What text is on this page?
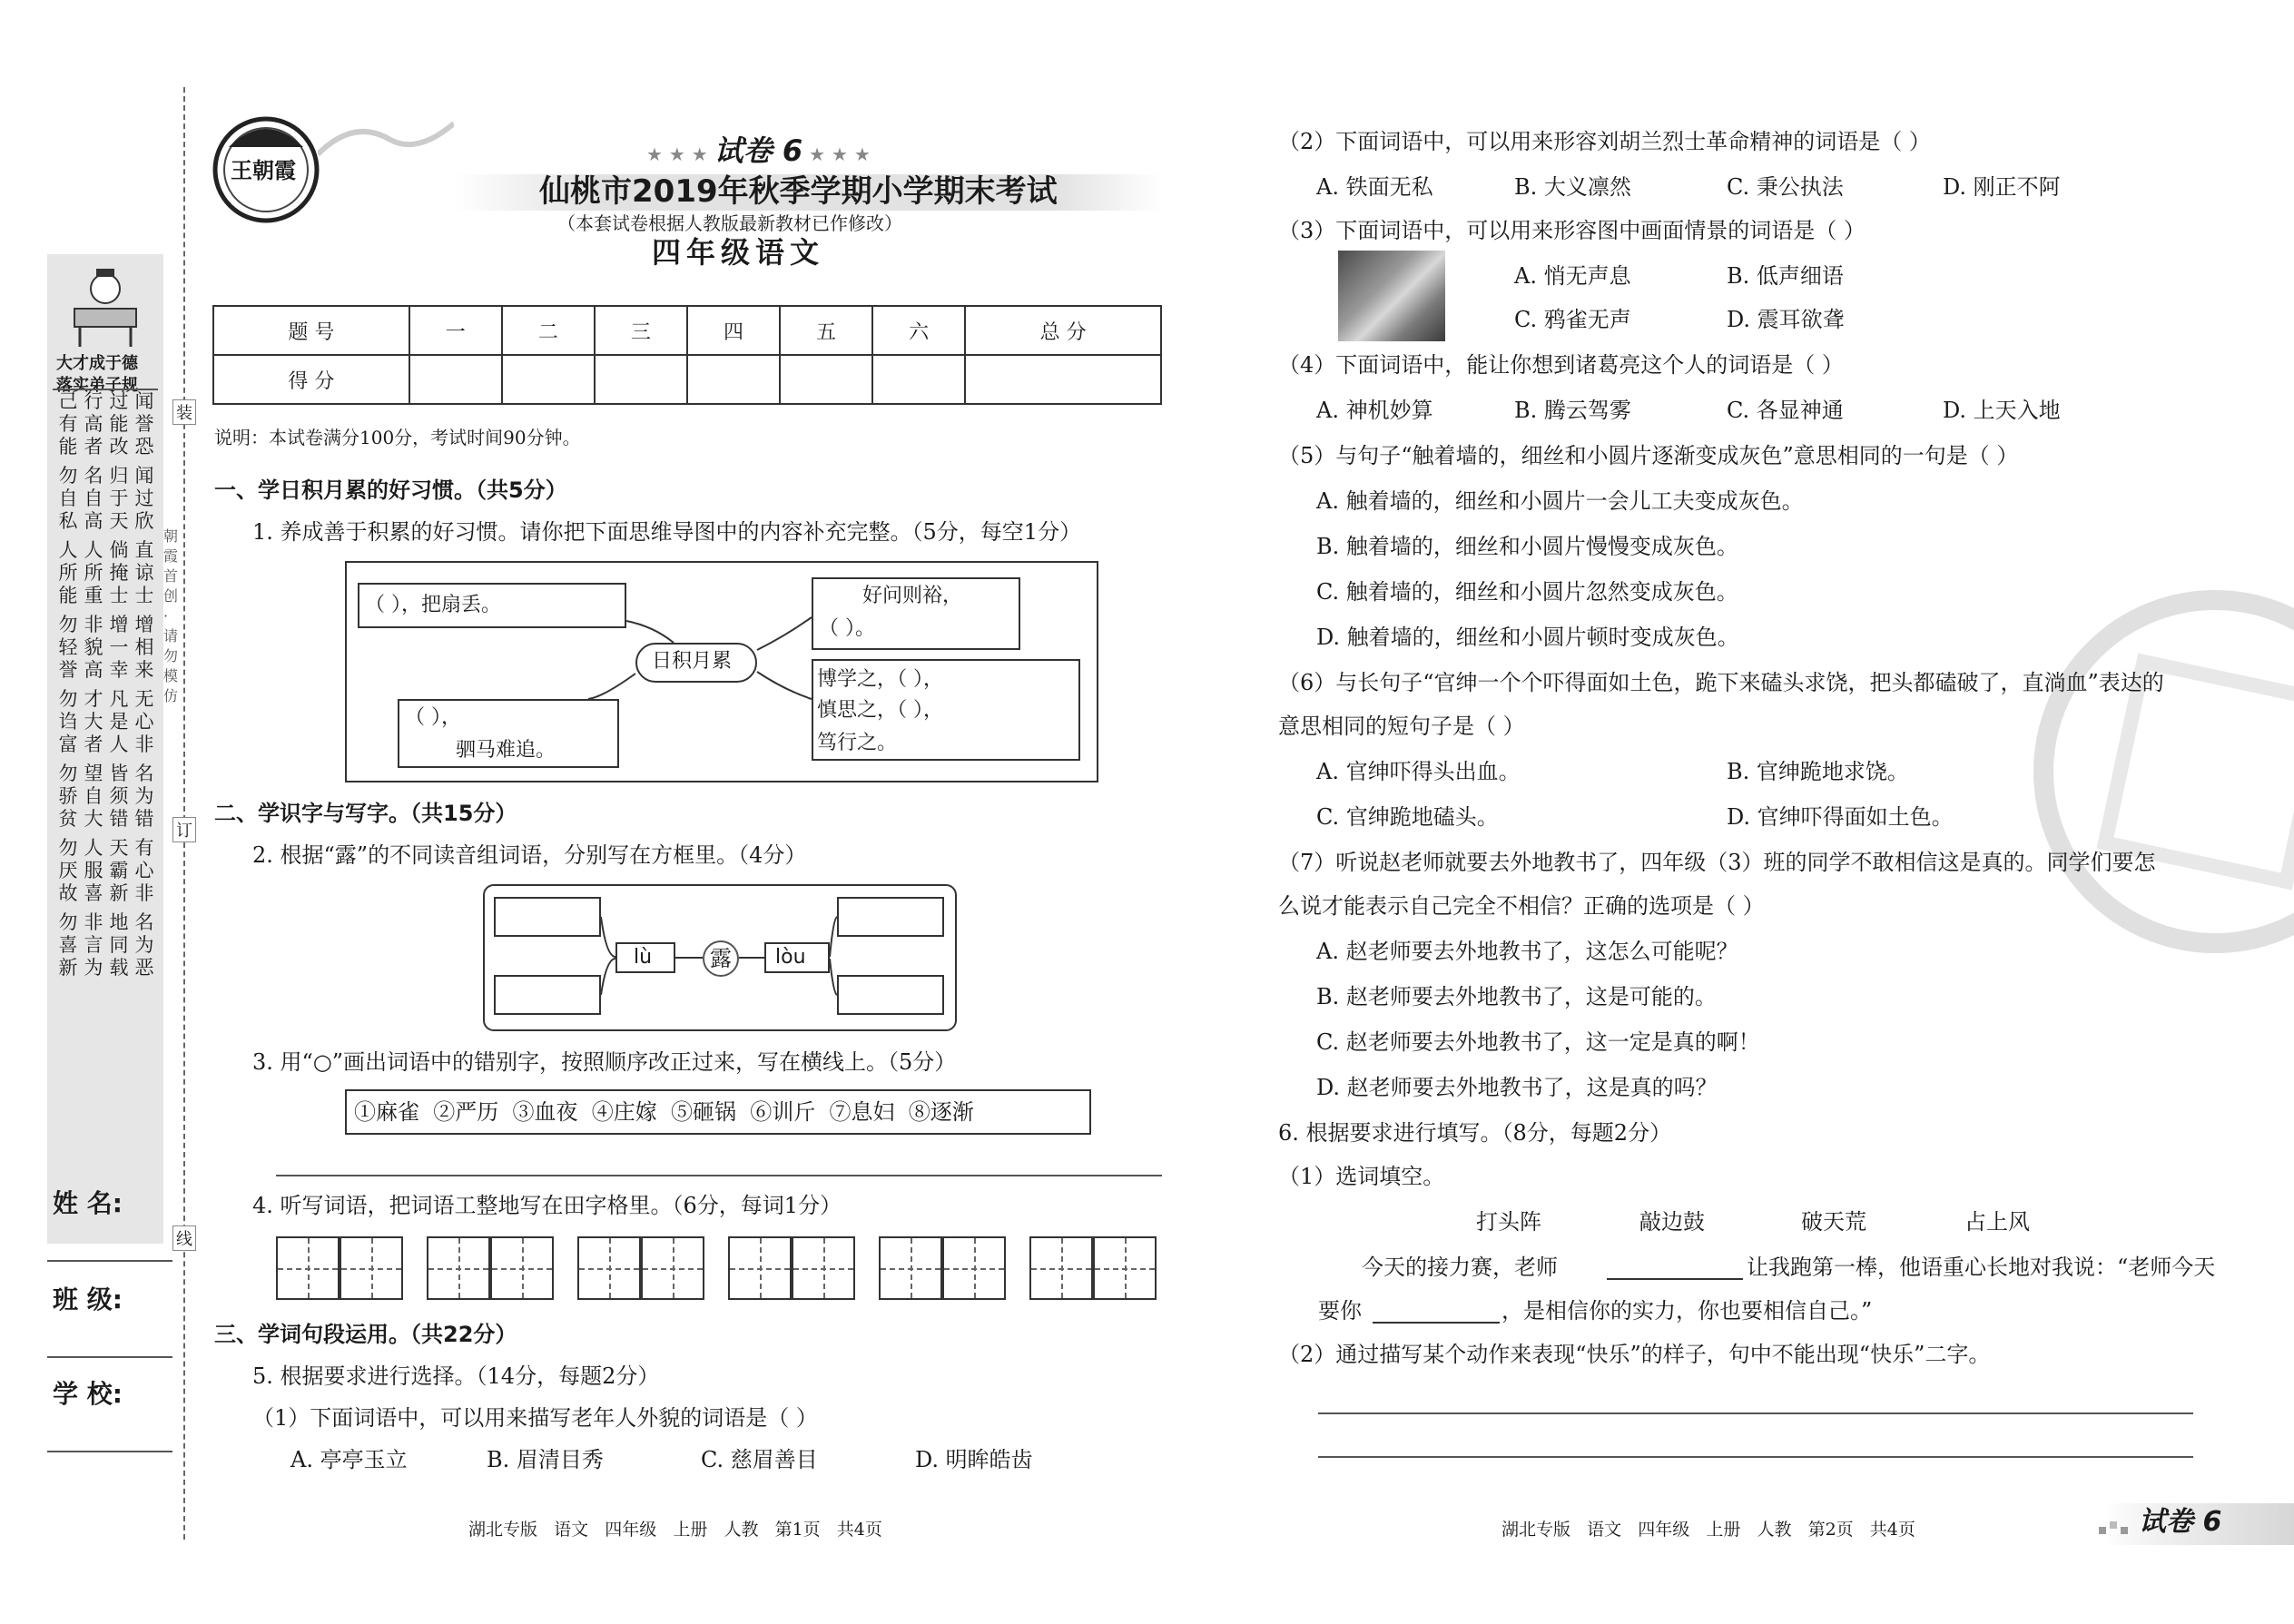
大才成于德
落实弟子规
己有能
行高者
过能改
闻誉恐
勿自私
名自高
归于天
闻过欣
人所能
人所重
倘掩士
直谅士
勿轻誉
非貌高
增一幸
增相来
勿诌富
才大者
凡是人
无心非
勿骄贫
望自大
皆须错
名为错
勿厌故
人服喜
天霸新
有心非
勿喜新
非言为
地同载
名为恶
姓 名:
班 级:
学 校:
装
订
线
朝霞首创 · 请勿模仿
王朝霞
★ ★ ★ 试卷 6 ★ ★ ★
仙桃市2019年秋季学期小学期末考试
（本套试卷根据人教版最新教材已作修改）
四年级语文
题 号	一	二	三	四	五	六	总 分
得 分							
说明：本试卷满分100分，考试时间90分钟。
一、学日积月累的好习惯。（共5分）
1. 养成善于积累的好习惯。请你把下面思维导图中的内容补充完整。（5分，每空1分）
（ ），把扇丢。	好问则裕，
（ ）。
日积月累
（ ），
驷马难追。
博学之，（ ），
慎思之，（ ），
笃行之。
二、学识字与写字。（共15分）
2. 根据“露”的不同读音组词语，分别写在方框里。（4分）
lù	露 lòu
3. 用“○”画出词语中的错别字，按照顺序改正过来，写在横线上。（5分）
①麻雀  ②严历  ③血夜  ④庄嫁  ⑤砸锅  ⑥训斤  ⑦息妇  ⑧逐渐
4. 听写词语，把词语工整地写在田字格里。（6分，每词1分）
三、学词句段运用。（共22分）
5. 根据要求进行选择。（14分，每题2分）
（1）下面词语中，可以用来描写老年人外貌的词语是（ ）
A. 亭亭玉立	B. 眉清目秀	C. 慈眉善目	D. 明眸皓齿
湖北专版   语文   四年级   上册   人教   第1页   共4页
（2）下面词语中，可以用来形容刘胡兰烈士革命精神的词语是（ ）
A. 铁面无私	B. 大义凛然	C. 秉公执法	D. 刚正不阿
（3）下面词语中，可以用来形容图中画面情景的词语是（ ）
A. 悄无声息	B. 低声细语
C. 鸦雀无声	D. 震耳欲聋
（4）下面词语中，能让你想到诸葛亮这个人的词语是（ ）
A. 神机妙算	B. 腾云驾雾	C. 各显神通	D. 上天入地
（5）与句子“触着墙的，细丝和小圆片逐渐变成灰色”意思相同的一句是（ ）
A. 触着墙的，细丝和小圆片一会儿工夫变成灰色。
B. 触着墙的，细丝和小圆片慢慢变成灰色。
C. 触着墙的，细丝和小圆片忽然变成灰色。
D. 触着墙的，细丝和小圆片顿时变成灰色。
（6）与长句子“官绅一个个吓得面如土色，跪下来磕头求饶，把头都磕破了，直淌血”表达的
意思相同的短句子是（ ）
A. 官绅吓得头出血。	B. 官绅跪地求饶。
C. 官绅跪地磕头。	D. 官绅吓得面如土色。
（7）听说赵老师就要去外地教书了，四年级（3）班的同学不敢相信这是真的。同学们要怎
么说才能表示自己完全不相信？正确的选项是（ ）
A. 赵老师要去外地教书了，这怎么可能呢？
B. 赵老师要去外地教书了，这是可能的。
C. 赵老师要去外地教书了，这一定是真的啊！
D. 赵老师要去外地教书了，这是真的吗？
6. 根据要求进行填写。（8分，每题2分）
（1）选词填空。
打头阵	敲边鼓	破天荒	占上风
今天的接力赛，老师	让我跑第一棒，他语重心长地对我说：“老师今天
要你	，是相信你的实力，你也要相信自己。”
（2）通过描写某个动作来表现“快乐”的样子，句中不能出现“快乐”二字。
湖北专版   语文   四年级   上册   人教   第2页   共4页	试卷 6
